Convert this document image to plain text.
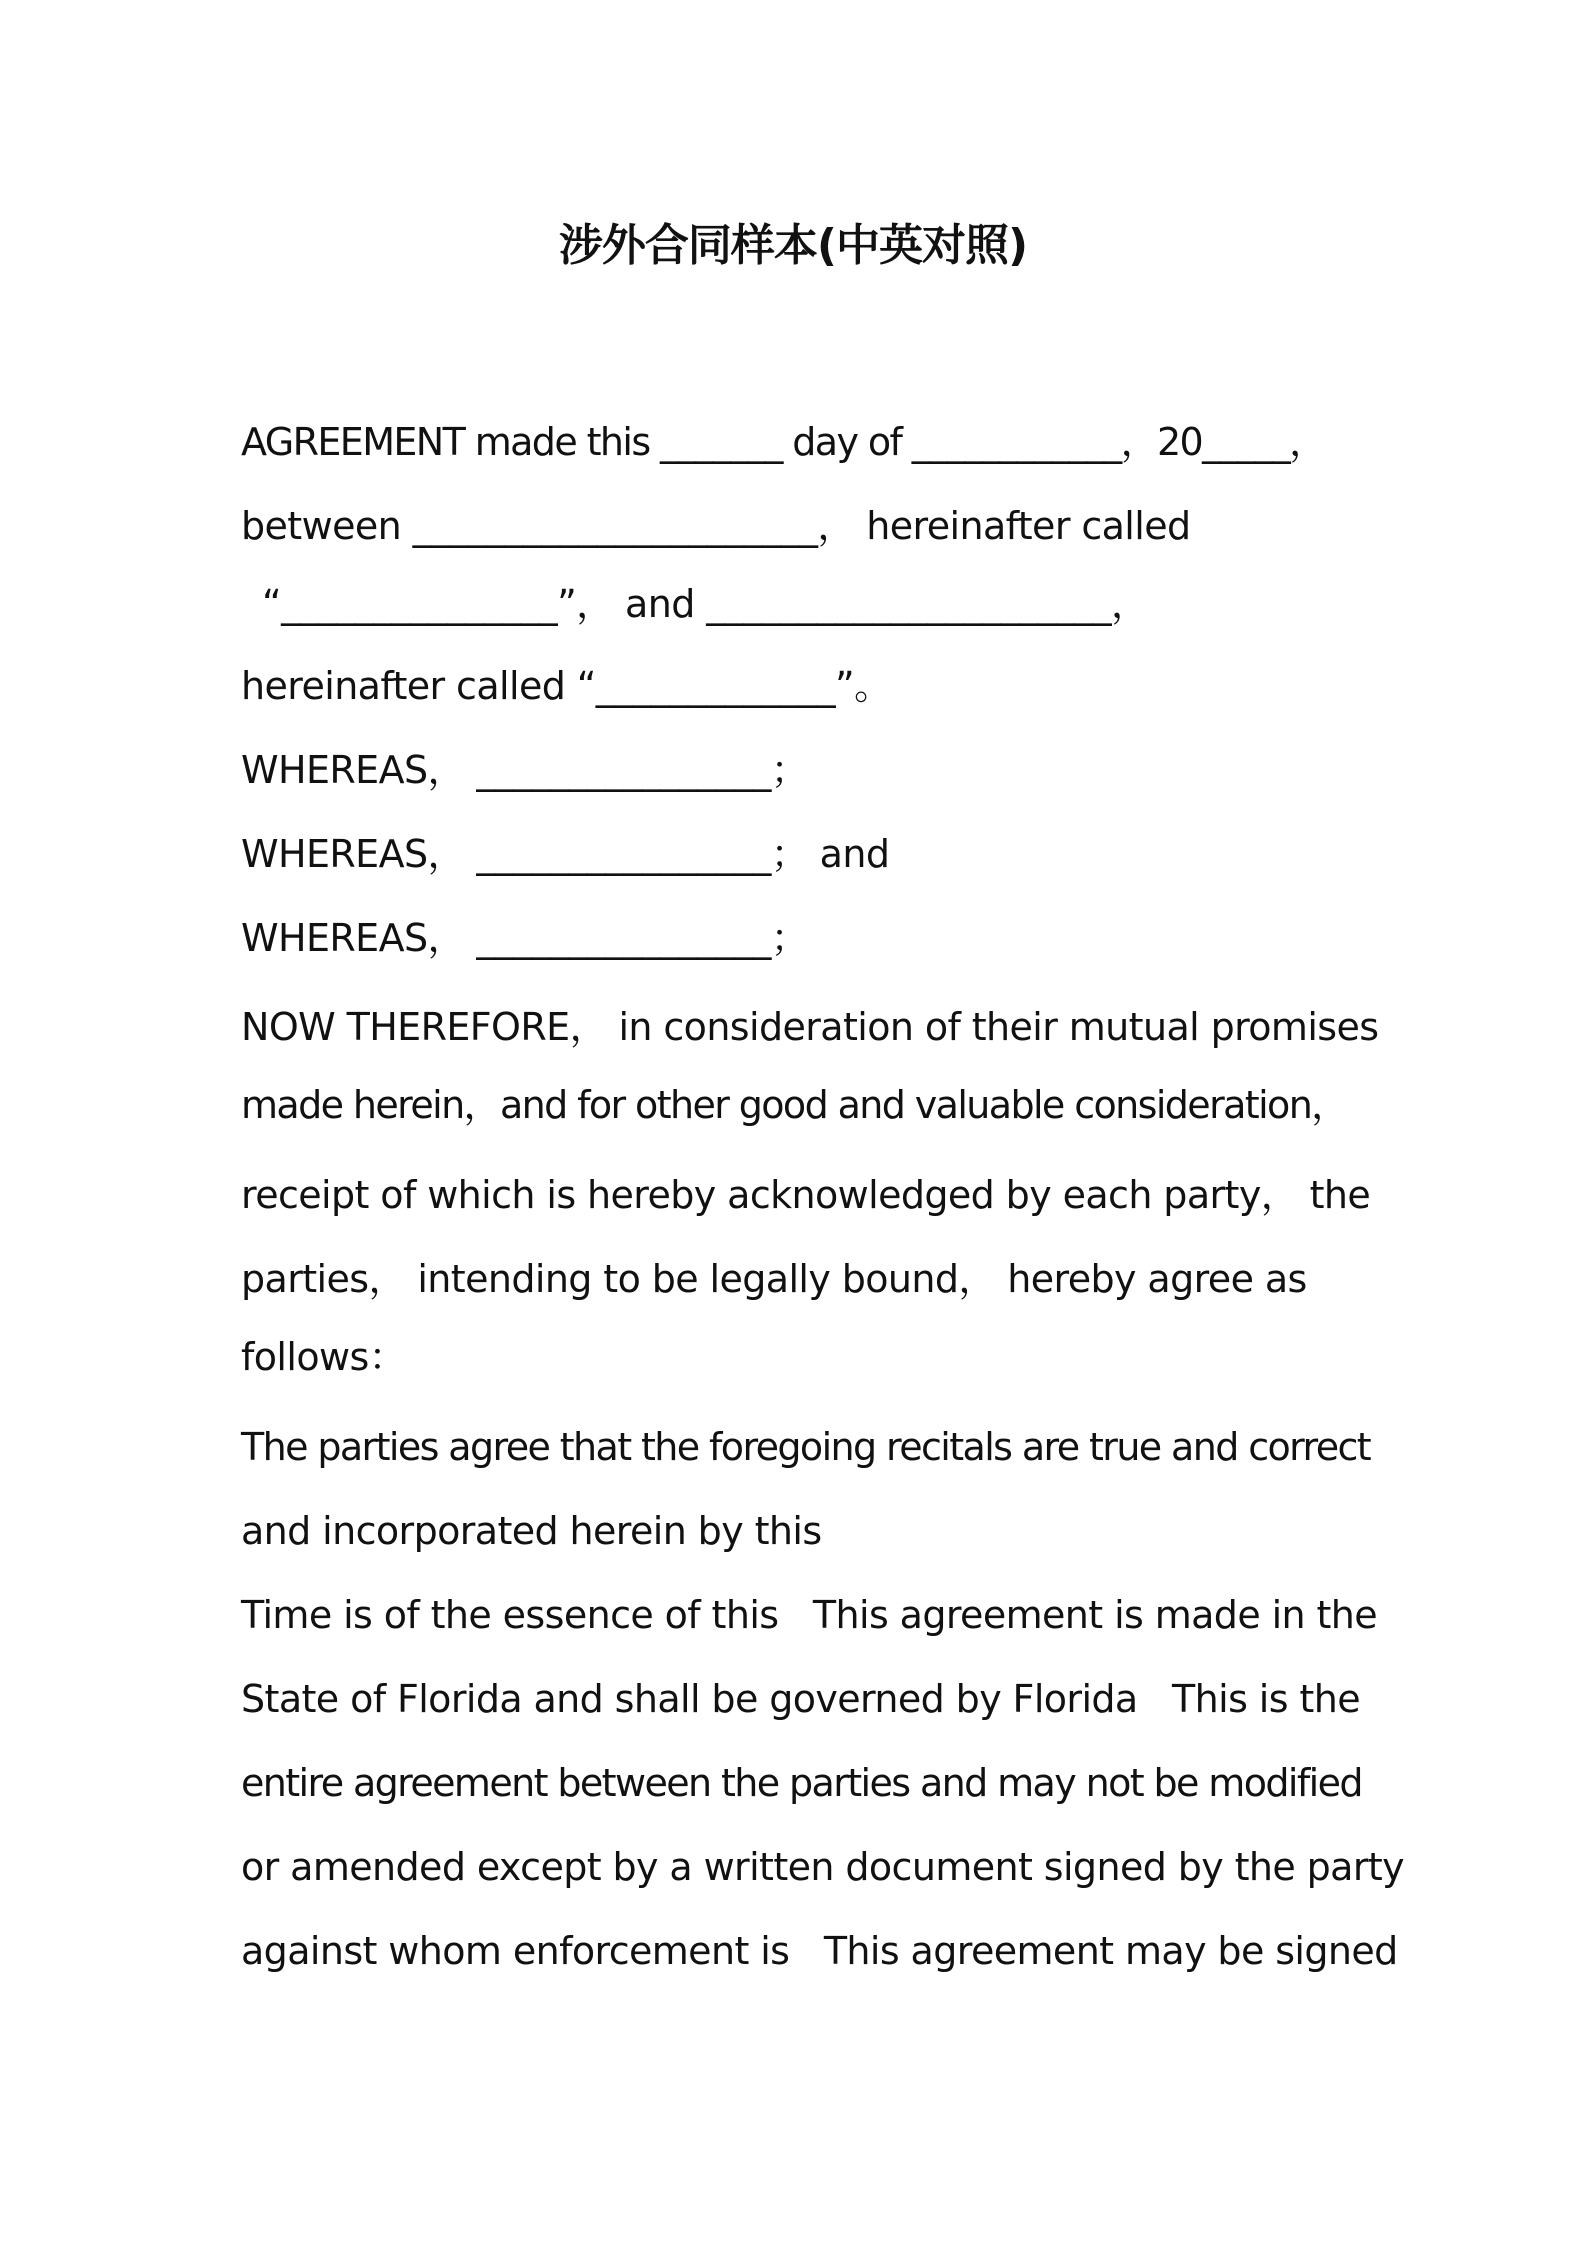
涉外合同样本(中英对照)

AGREEMENT made this _______ day of ____________，20_____，

between ______________________， hereinafter called

“_______________”， and ______________________，

hereinafter called “_____________”。

WHEREAS， ________________；

WHEREAS， ________________； and

WHEREAS， ________________；

NOW THEREFORE， in consideration of their mutual promises

made herein，and for other good and valuable consideration，

receipt of which is hereby acknowledged by each party， the

parties， intending to be legally bound， hereby agree as

follows：

The parties agree that the foregoing recitals are true and correct

and incorporated herein by this

Time is of the essence of this   This agreement is made in the

State of Florida and shall be governed by Florida   This is the

entire agreement between the parties and may not be modified

or amended except by a written document signed by the party

against whom enforcement is   This agreement may be signed
